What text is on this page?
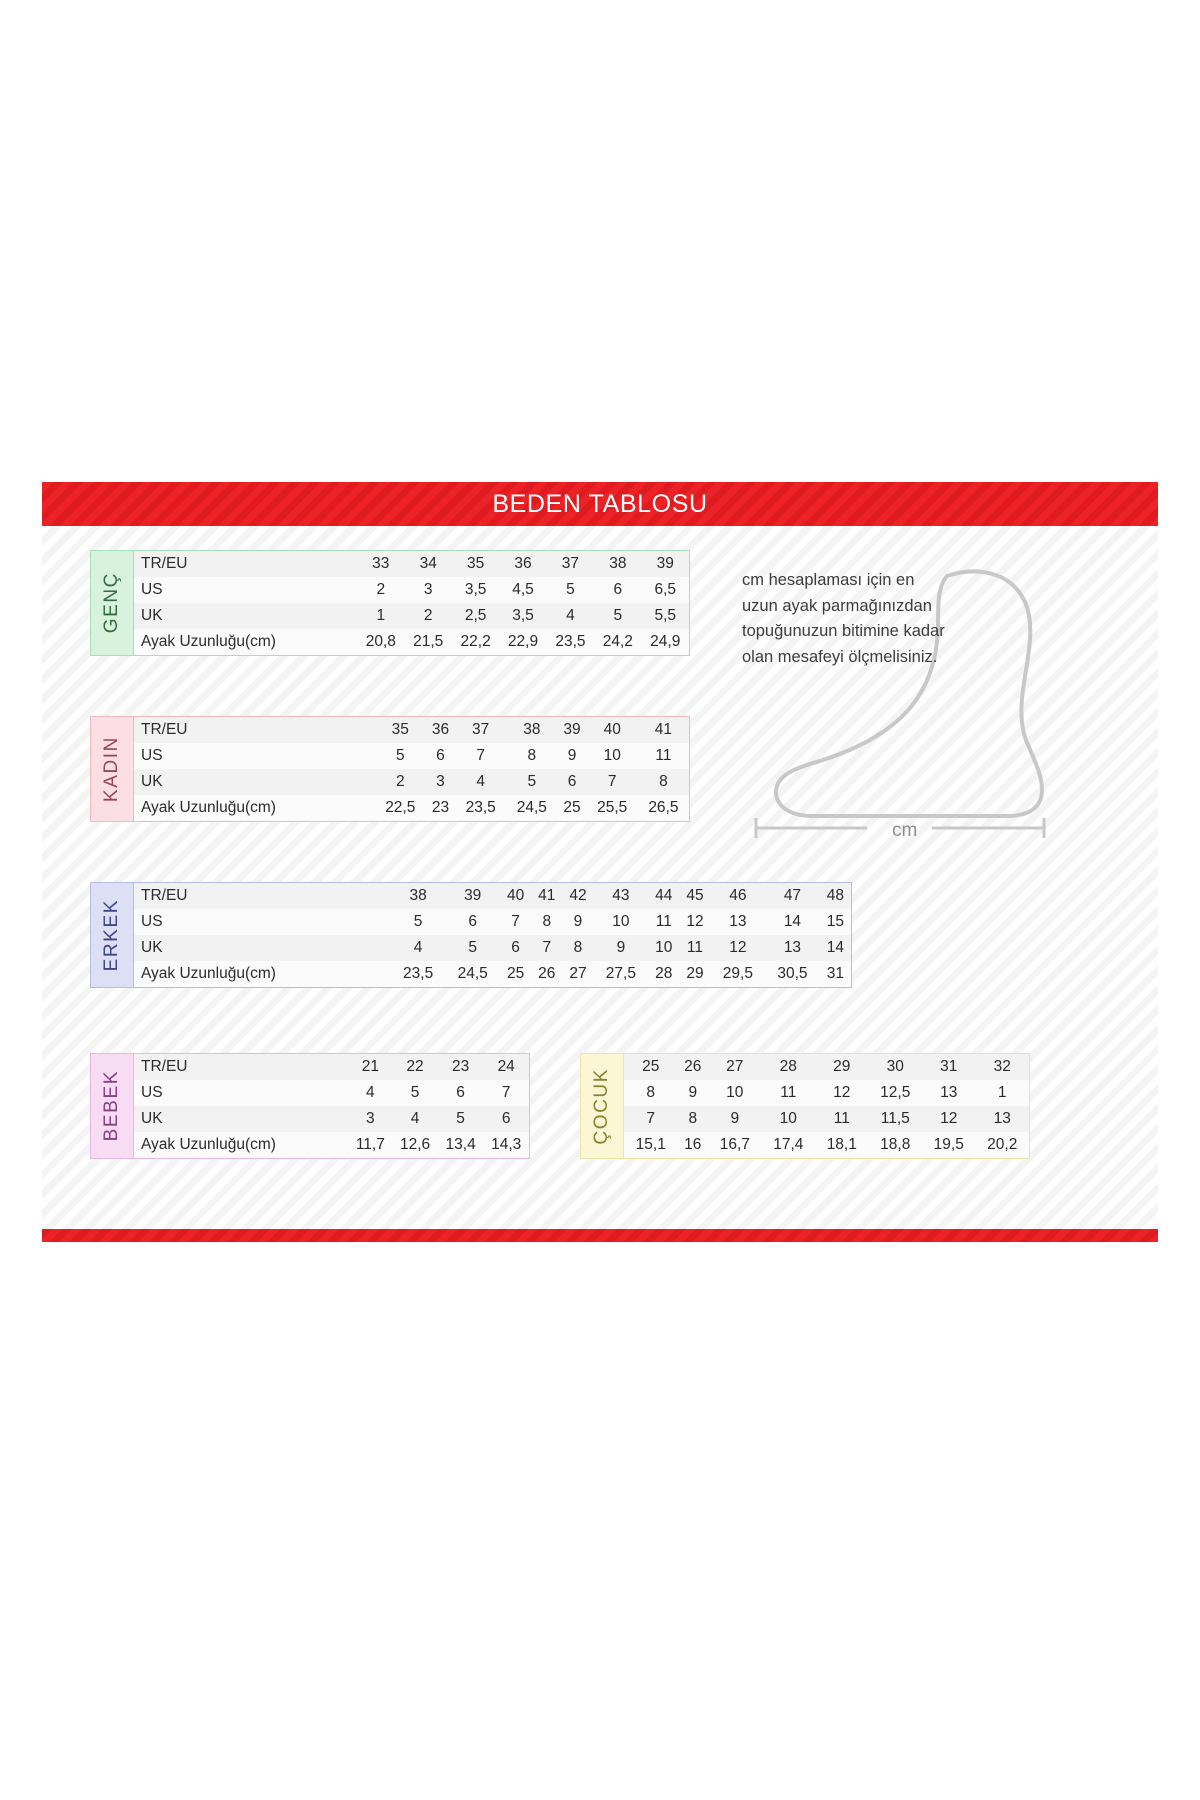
BEDEN TABLOSU
GENÇ
TR/EU	33	34	35	36	37	38	39
US	2	3	3,5	4,5	5	6	6,5
UK	1	2	2,5	3,5	4	5	5,5
Ayak Uzunluğu(cm)	20,8	21,5	22,2	22,9	23,5	24,2	24,9
KADIN
TR/EU	35	36	37	38	39	40	41
US	5	6	7	8	9	10	11
UK	2	3	4	5	6	7	8
Ayak Uzunluğu(cm)	22,5	23	23,5	24,5	25	25,5	26,5
ERKEK
TR/EU	38	39	40	41	42	43	44	45	46	47	48
US	5	6	7	8	9	10	11	12	13	14	15
UK	4	5	6	7	8	9	10	11	12	13	14
Ayak Uzunluğu(cm)	23,5	24,5	25	26	27	27,5	28	29	29,5	30,5	31
BEBEK
TR/EU	21	22	23	24
US	4	5	6	7
UK	3	4	5	6
Ayak Uzunluğu(cm)	11,7	12,6	13,4	14,3
ÇOCUK
25	26	27	28	29	30	31	32
8	9	10	11	12	12,5	13	1
7	8	9	10	11	11,5	12	13
15,1	16	16,7	17,4	18,1	18,8	19,5	20,2
cm
cm hesaplaması için en uzun ayak parmağınızdan topuğunuzun bitimine kadar olan mesafeyi ölçmelisiniz.
